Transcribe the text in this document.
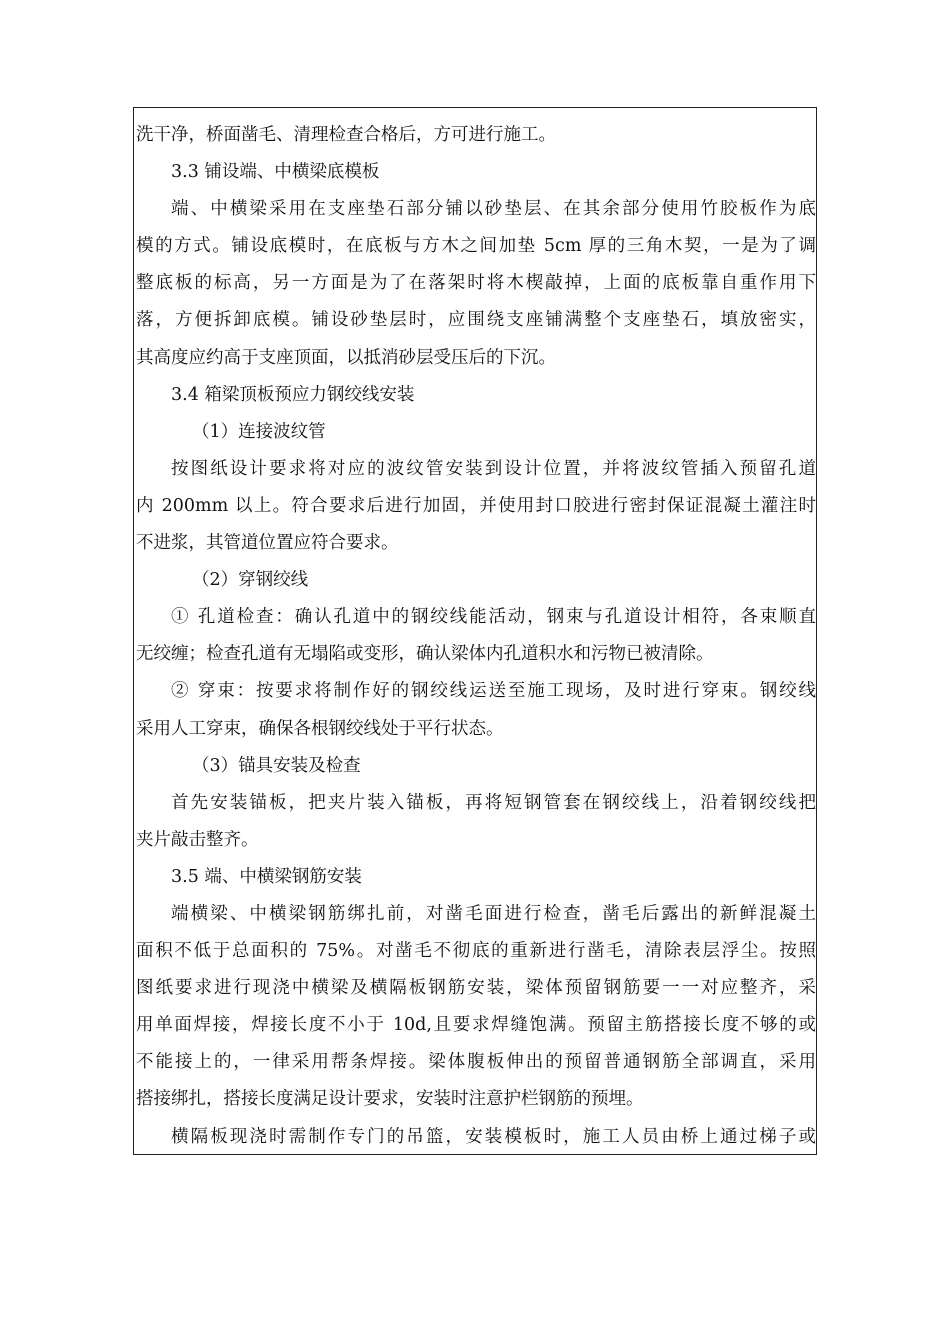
洗干净，桥面凿毛、清理检查合格后，方可进行施工。
3.3 铺设端、中横梁底模板
端、中横梁采用在支座垫石部分铺以砂垫层、在其余部分使用竹胶板作为底
模的方式。铺设底模时，在底板与方木之间加垫 5cm 厚的三角木契，一是为了调
整底板的标高，另一方面是为了在落架时将木楔敲掉，上面的底板靠自重作用下
落，方便拆卸底模。铺设砂垫层时，应围绕支座铺满整个支座垫石，填放密实，
其高度应约高于支座顶面，以抵消砂层受压后的下沉。
3.4 箱梁顶板预应力钢绞线安装
（1）连接波纹管
按图纸设计要求将对应的波纹管安装到设计位置，并将波纹管插入预留孔道
内 200mm 以上。符合要求后进行加固，并使用封口胶进行密封保证混凝土灌注时
不进浆，其管道位置应符合要求。
（2）穿钢绞线
① 孔道检查：确认孔道中的钢绞线能活动，钢束与孔道设计相符，各束顺直
无绞缠；检查孔道有无塌陷或变形，确认梁体内孔道积水和污物已被清除。
② 穿束：按要求将制作好的钢绞线运送至施工现场，及时进行穿束。钢绞线
采用人工穿束，确保各根钢绞线处于平行状态。
（3）锚具安装及检查
首先安装锚板，把夹片装入锚板，再将短钢管套在钢绞线上，沿着钢绞线把
夹片敲击整齐。
3.5 端、中横梁钢筋安装
端横梁、中横梁钢筋绑扎前，对凿毛面进行检查，凿毛后露出的新鲜混凝土
面积不低于总面积的 75%。对凿毛不彻底的重新进行凿毛，清除表层浮尘。按照
图纸要求进行现浇中横梁及横隔板钢筋安装，梁体预留钢筋要一一对应整齐，采
用单面焊接，焊接长度不小于 10d,且要求焊缝饱满。预留主筋搭接长度不够的或
不能接上的，一律采用帮条焊接。梁体腹板伸出的预留普通钢筋全部调直，采用
搭接绑扎，搭接长度满足设计要求，安装时注意护栏钢筋的预埋。
横隔板现浇时需制作专门的吊篮，安装模板时，施工人员由桥上通过梯子或
